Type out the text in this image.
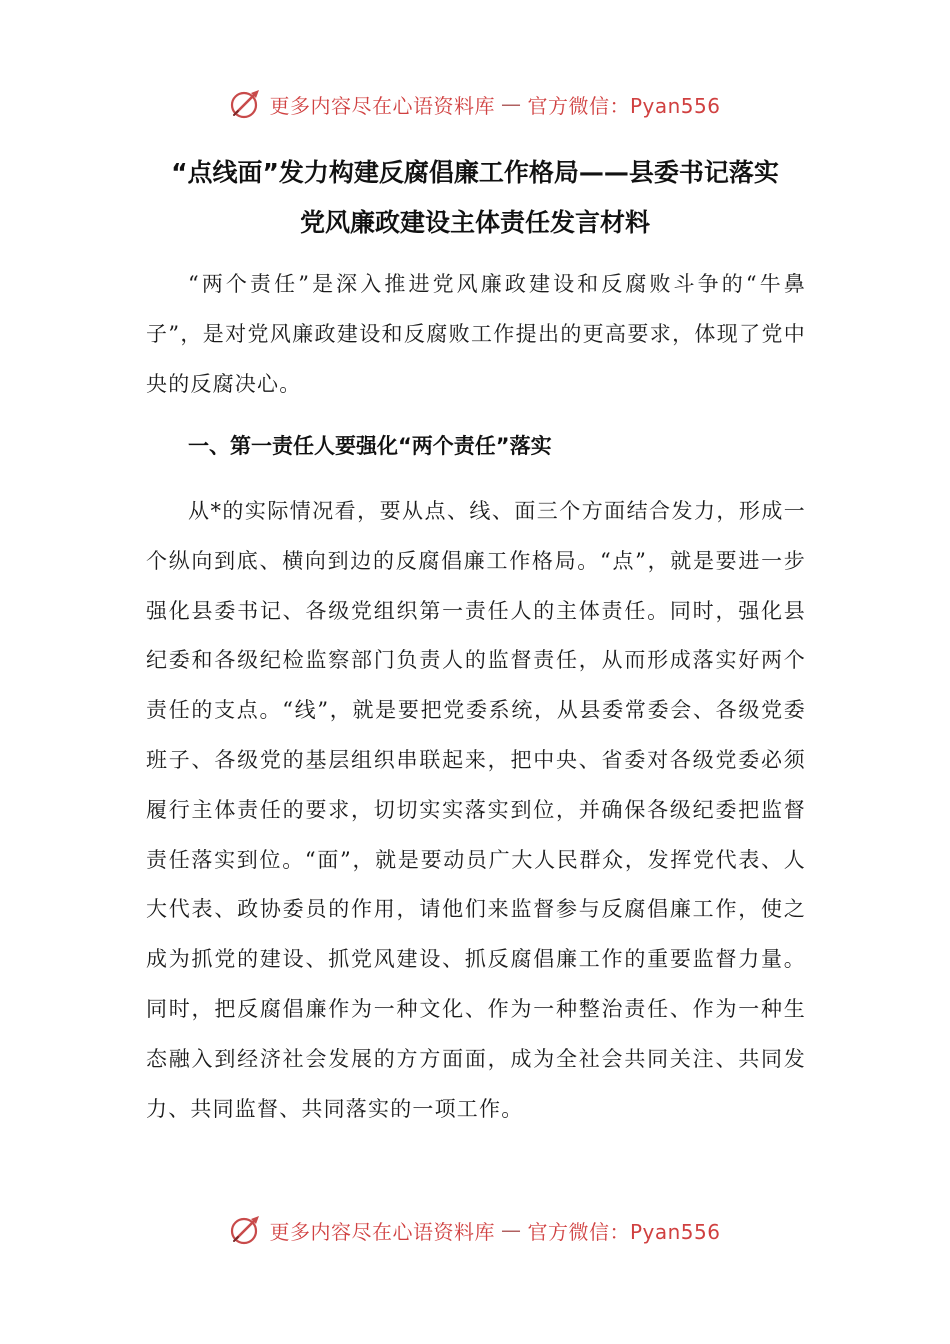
更多内容尽在心语资料库 — 官方微信：Pyan556
“点线面”发力构建反腐倡廉工作格局——县委书记落实
党风廉政建设主体责任发言材料

“两个责任”是深入推进党风廉政建设和反腐败斗争的“牛鼻子”，是对党风廉政建设和反腐败工作提出的更高要求，体现了党中央的反腐决心。

一、第一责任人要强化“两个责任”落实

从*的实际情况看，要从点、线、面三个方面结合发力，形成一个纵向到底、横向到边的反腐倡廉工作格局。“点”，就是要进一步强化县委书记、各级党组织第一责任人的主体责任。同时，强化县纪委和各级纪检监察部门负责人的监督责任，从而形成落实好两个责任的支点。“线”，就是要把党委系统，从县委常委会、各级党委班子、各级党的基层组织串联起来，把中央、省委对各级党委必须履行主体责任的要求，切切实实落实到位，并确保各级纪委把监督责任落实到位。“面”，就是要动员广大人民群众，发挥党代表、人大代表、政协委员的作用，请他们来监督参与反腐倡廉工作，使之成为抓党的建设、抓党风建设、抓反腐倡廉工作的重要监督力量。同时，把反腐倡廉作为一种文化、作为一种整治责任、作为一种生态融入到经济社会发展的方方面面，成为全社会共同关注、共同发力、共同监督、共同落实的一项工作。

更多内容尽在心语资料库 — 官方微信：Pyan556
